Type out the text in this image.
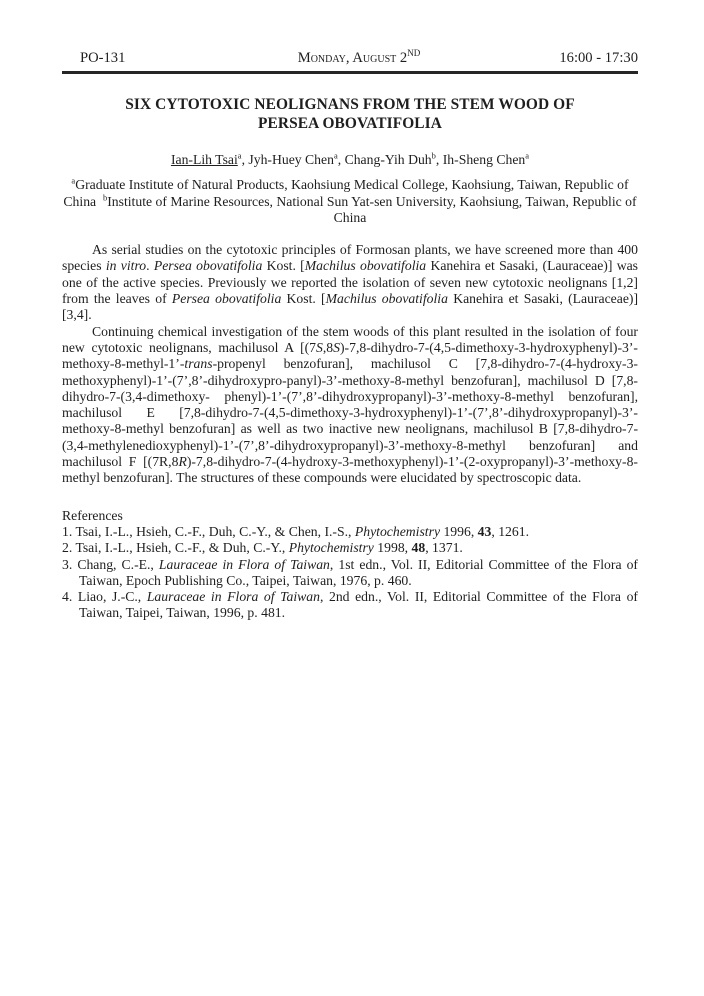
PO-131	Monday, August 2ND	16:00 - 17:30
SIX CYTOTOXIC NEOLIGNANS FROM THE STEM WOOD OF
PERSEA OBOVATIFOLIA
Ian-Lih Tsai$^a$, Jyh-Huey Chen$^a$, Chang-Yih Duh$^b$, Ih-Sheng Chen$^a$
$^a$Graduate Institute of Natural Products, Kaohsiung Medical College, Kaohsiung, Taiwan, Republic of China  $^b$Institute of Marine Resources, National Sun Yat-sen University, Kaohsiung, Taiwan, Republic of China

As serial studies on the cytotoxic principles of Formosan plants, we have screened more than 400 species in vitro. Persea obovatifolia Kost. [Machilus obovatifolia Kanehira et Sasaki, (Lauraceae)] was one of the active species. Previously we reported the isolation of seven new cytotoxic neolignans [1,2] from the leaves of Persea obovatifolia Kost. [Machilus obovatifolia Kanehira et Sasaki, (Lauraceae)] [3,4].

Continuing chemical investigation of the stem woods of this plant resulted in the isolation of four new cytotoxic neolignans, machilusol A [(7S,8S)-7,8-dihydro-7-(4,5-dimethoxy-3-hydroxyphenyl)-3’-methoxy-8-methyl-1’-trans-propenyl benzofuran], machilusol C [7,8-dihydro-7-(4-hydroxy-3-methoxyphenyl)-1’-(7’,8’-dihydroxypro-panyl)-3’-methoxy-8-methyl benzofuran], machilusol D [7,8-dihydro-7-(3,4-dimethoxy- phenyl)-1’-(7’,8’-dihydroxypropanyl)-3’-methoxy-8-methyl benzofuran], machilusol E [7,8-dihydro-7-(4,5-dimethoxy-3-hydroxyphenyl)-1’-(7’,8’-dihydroxypropanyl)-3’-methoxy-8-methyl benzofuran] as well as two inactive new neolignans, machilusol B [7,8-dihydro-7-(3,4-methylenedioxyphenyl)-1’-(7’,8’-dihydroxypropanyl)-3’-methoxy-8-methyl benzofuran] and machilusol F [(7R,8R)-7,8-dihydro-7-(4-hydroxy-3-methoxyphenyl)-1’-(2-oxypropanyl)-3’-methoxy-8-methyl benzofuran]. The structures of these compounds were elucidated by spectroscopic data.

References
1. Tsai, I.-L., Hsieh, C.-F., Duh, C.-Y., & Chen, I.-S., Phytochemistry 1996, 43, 1261.
2. Tsai, I.-L., Hsieh, C.-F., & Duh, C.-Y., Phytochemistry 1998, 48, 1371.
3. Chang, C.-E., Lauraceae in Flora of Taiwan, 1st edn., Vol. II, Editorial Committee of the Flora of Taiwan, Epoch Publishing Co., Taipei, Taiwan, 1976, p. 460.
4. Liao, J.-C., Lauraceae in Flora of Taiwan, 2nd edn., Vol. II, Editorial Committee of the Flora of Taiwan, Taipei, Taiwan, 1996, p. 481.
